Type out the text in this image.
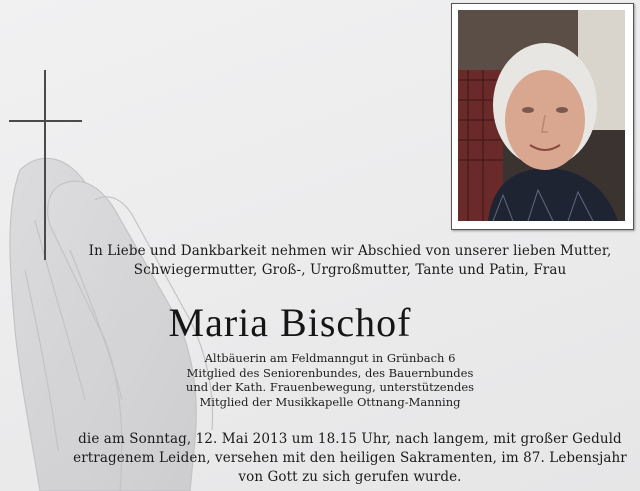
In Liebe und Dankbarkeit nehmen wir Abschied von unserer lieben Mutter,
Schwiegermutter, Groß-, Urgroßmutter, Tante und Patin, Frau
Maria Bischof
Altbäuerin am Feldmanngut in Grünbach 6
Mitglied des Seniorenbundes, des Bauernbundes
und der Kath. Frauenbewegung, unterstützendes
Mitglied der Musikkapelle Ottnang-Manning
die am Sonntag, 12. Mai 2013 um 18.15 Uhr, nach langem, mit großer Geduld
ertragenem Leiden, versehen mit den heiligen Sakramenten, im 87. Lebensjahr
von Gott zu sich gerufen wurde.
